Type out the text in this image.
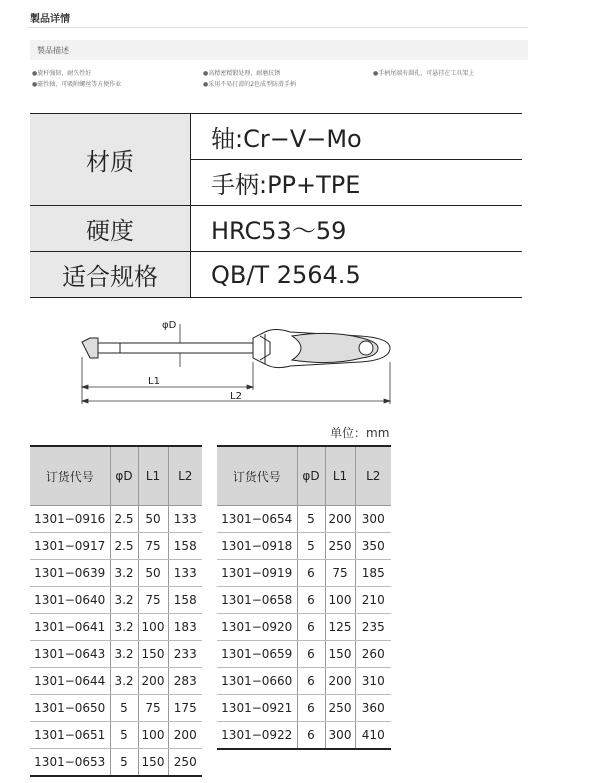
製品详情
製品描述
●旋杆强韧，耐久性好
●磁性轴，可吸附螺丝等方便作业
●高精密精锻处理，耐磨抗锈
●采用不易打滑的2色成型防滑手柄
●手柄尾端有圆孔，可悬挂在工具架上
材质	轴:Cr−V−Mo
	手柄:PP+TPE
硬度	HRC53～59
适合规格	QB/T 2564.5
φD
L1
L2
单位：mm
订货代号	φD	L1	L2
1301−0916	2.5	50	133
1301−0917	2.5	75	158
1301−0639	3.2	50	133
1301−0640	3.2	75	158
1301−0641	3.2	100	183
1301−0643	3.2	150	233
1301−0644	3.2	200	283
1301−0650	5	75	175
1301−0651	5	100	200
1301−0653	5	150	250
订货代号	φD	L1	L2
1301−0654	5	200	300
1301−0918	5	250	350
1301−0919	6	75	185
1301−0658	6	100	210
1301−0920	6	125	235
1301−0659	6	150	260
1301−0660	6	200	310
1301−0921	6	250	360
1301−0922	6	300	410
